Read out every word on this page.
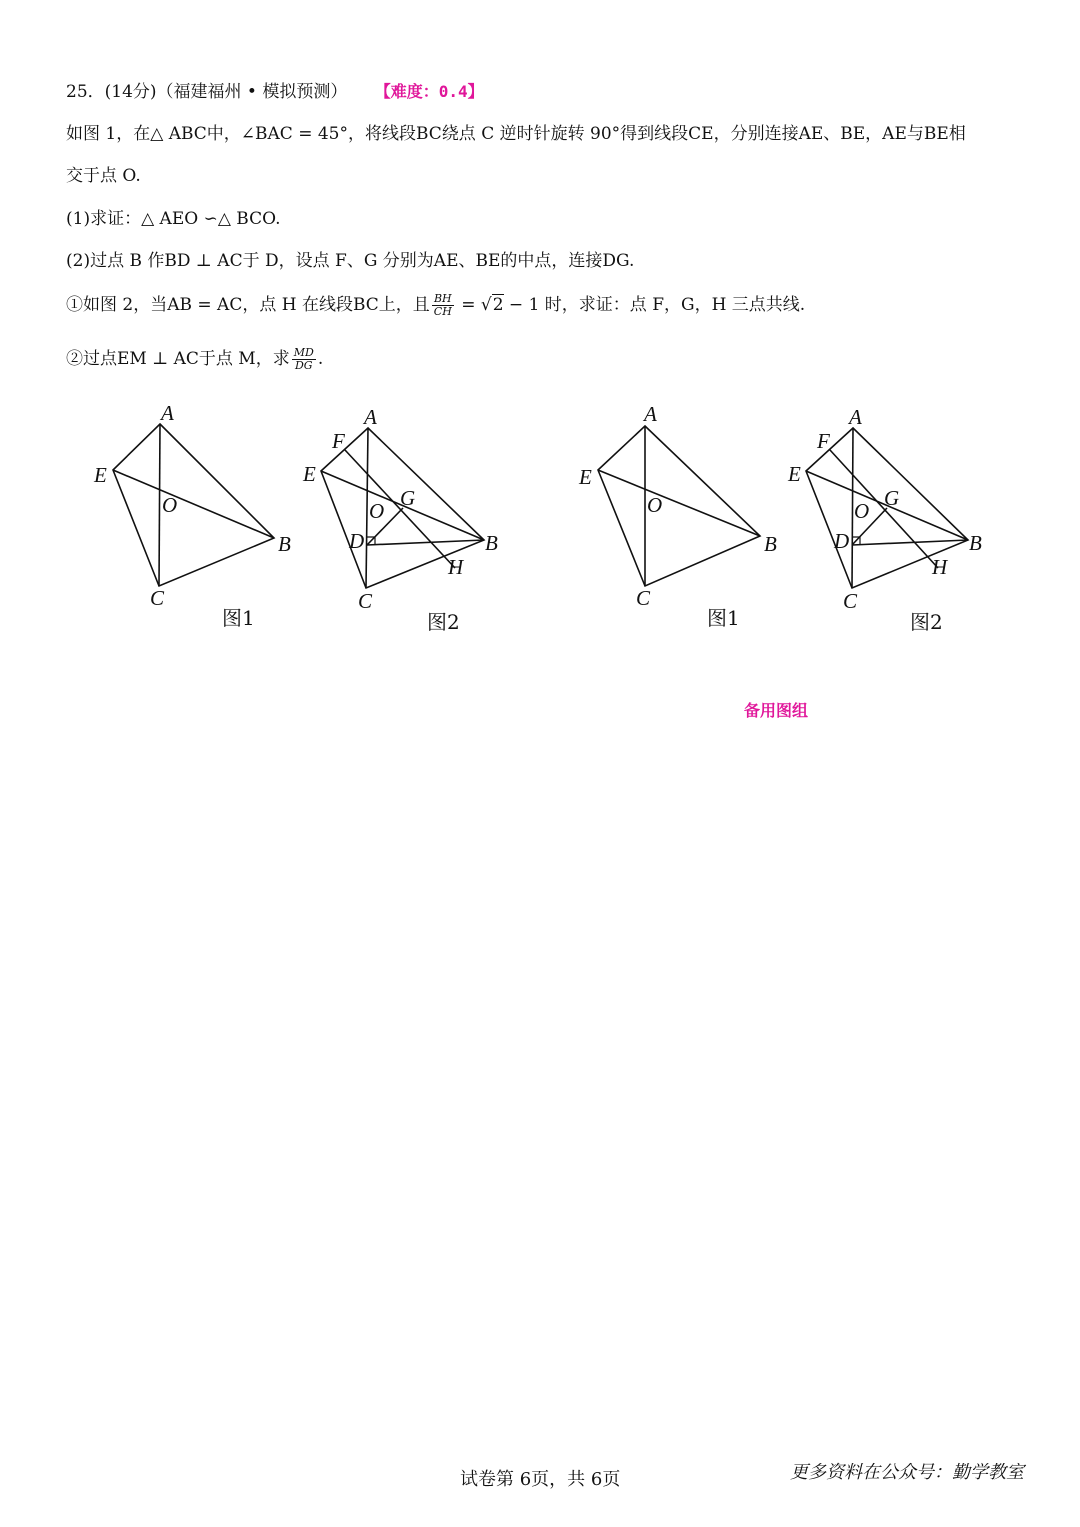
25．(14分)（福建福州 • 模拟预测） 【难度：0.4】
如图 1，在△ ABC中，∠BAC = 45°，将线段BC绕点 C 逆时针旋转 90°得到线段CE，分别连接AE、BE，AE与BE相
交于点 O.
(1)求证：△ AEO ∽△ BCO.
(2)过点 B 作BD ⊥ AC于 D，设点 F、G 分别为AE、BE的中点，连接DG.
①如图 2，当AB = AC，点 H 在线段BC上，且 $\frac{BH}{CH} = √2 - 1$ 时，求证：点 F，G，H 三点共线.
②过点EM ⊥ AC于点 M，求 $\frac{MD}{DG}$ .
A
B
C
E
O
图1
A
B
C
D
E
F
G
H
O
图2
A
B
C
E
O
图1
A
B
C
D
E
F
G
H
O
图2
备用图组
试卷第 6页，共 6页	更多资料在公众号：勤学教室
